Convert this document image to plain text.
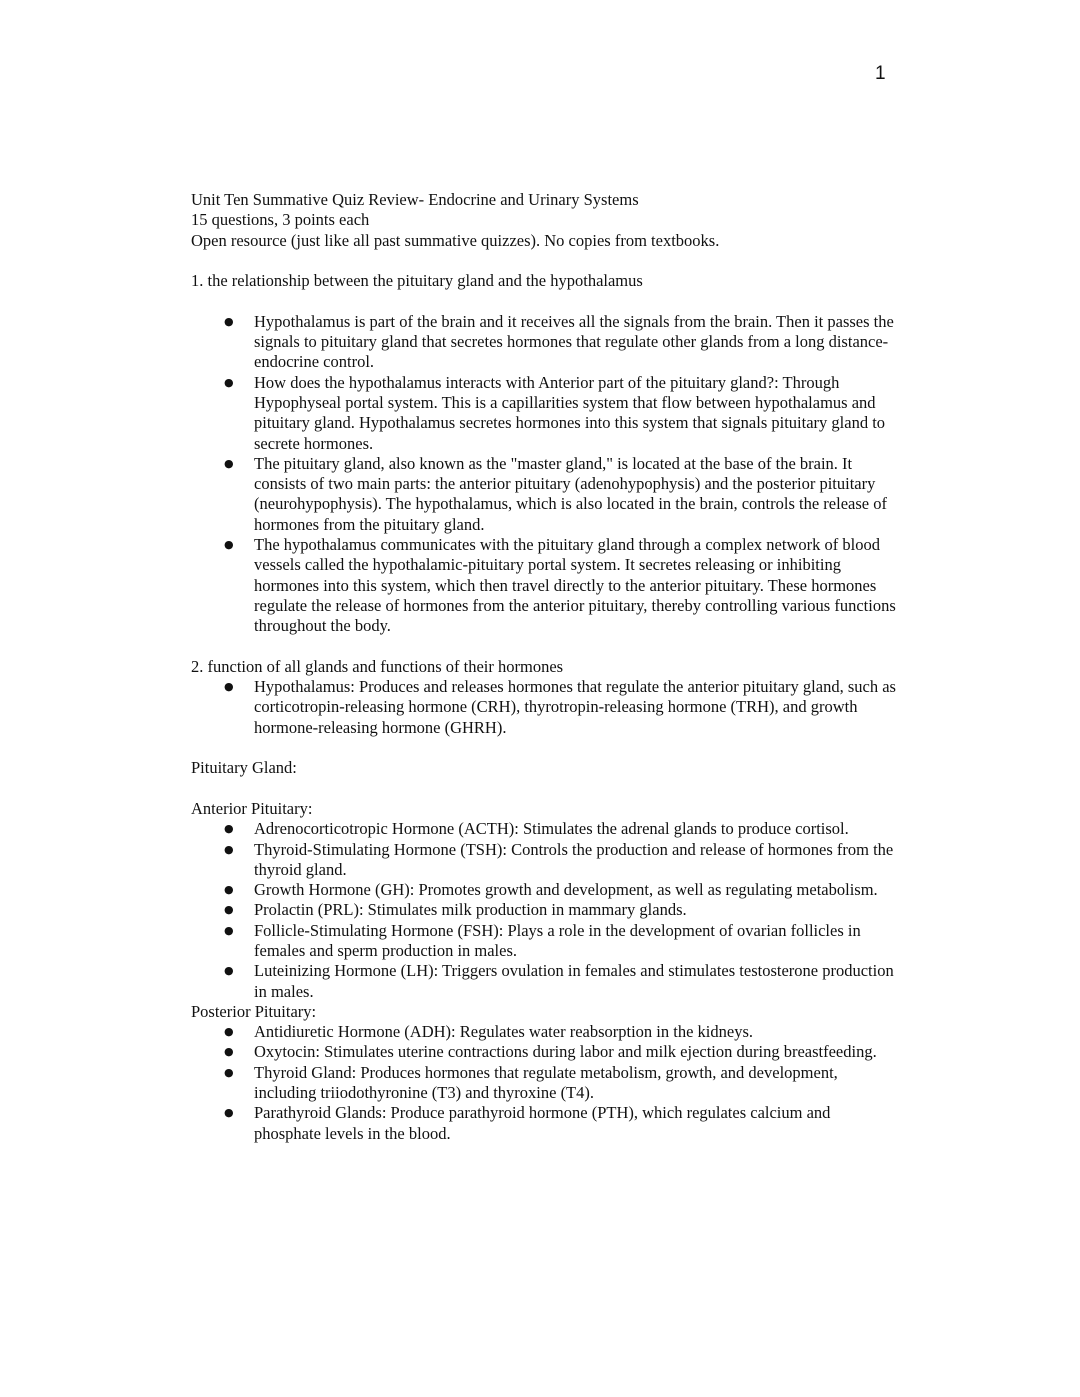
1

Unit Ten Summative Quiz Review- Endocrine and Urinary Systems

15 questions, 3 points each

Open resource (just like all past summative quizzes). No copies from textbooks.

1. the relationship between the pituitary gland and the hypothalamus

● Hypothalamus is part of the brain and it receives all the signals from the brain. Then it passes the signals to pituitary gland that secretes hormones that regulate other glands from a long distance-endocrine control.
● How does the hypothalamus interacts with Anterior part of the pituitary gland?: Through Hypophyseal portal system. This is a capillarities system that flow between hypothalamus and pituitary gland. Hypothalamus secretes hormones into this system that signals pituitary gland to secrete hormones.
● The pituitary gland, also known as the "master gland," is located at the base of the brain. It consists of two main parts: the anterior pituitary (adenohypophysis) and the posterior pituitary (neurohypophysis). The hypothalamus, which is also located in the brain, controls the release of hormones from the pituitary gland.
● The hypothalamus communicates with the pituitary gland through a complex network of blood vessels called the hypothalamic-pituitary portal system. It secretes releasing or inhibiting hormones into this system, which then travel directly to the anterior pituitary. These hormones regulate the release of hormones from the anterior pituitary, thereby controlling various functions throughout the body.

2. function of all glands and functions of their hormones

● Hypothalamus: Produces and releases hormones that regulate the anterior pituitary gland, such as corticotropin-releasing hormone (CRH), thyrotropin-releasing hormone (TRH), and growth hormone-releasing hormone (GHRH).

Pituitary Gland:

Anterior Pituitary:

● Adrenocorticotropic Hormone (ACTH): Stimulates the adrenal glands to produce cortisol.
● Thyroid-Stimulating Hormone (TSH): Controls the production and release of hormones from the thyroid gland.
● Growth Hormone (GH): Promotes growth and development, as well as regulating metabolism.
● Prolactin (PRL): Stimulates milk production in mammary glands.
● Follicle-Stimulating Hormone (FSH): Plays a role in the development of ovarian follicles in females and sperm production in males.
● Luteinizing Hormone (LH): Triggers ovulation in females and stimulates testosterone production in males.

Posterior Pituitary:

● Antidiuretic Hormone (ADH): Regulates water reabsorption in the kidneys.
● Oxytocin: Stimulates uterine contractions during labor and milk ejection during breastfeeding.
● Thyroid Gland: Produces hormones that regulate metabolism, growth, and development, including triiodothyronine (T3) and thyroxine (T4).
● Parathyroid Glands: Produce parathyroid hormone (PTH), which regulates calcium and phosphate levels in the blood.
